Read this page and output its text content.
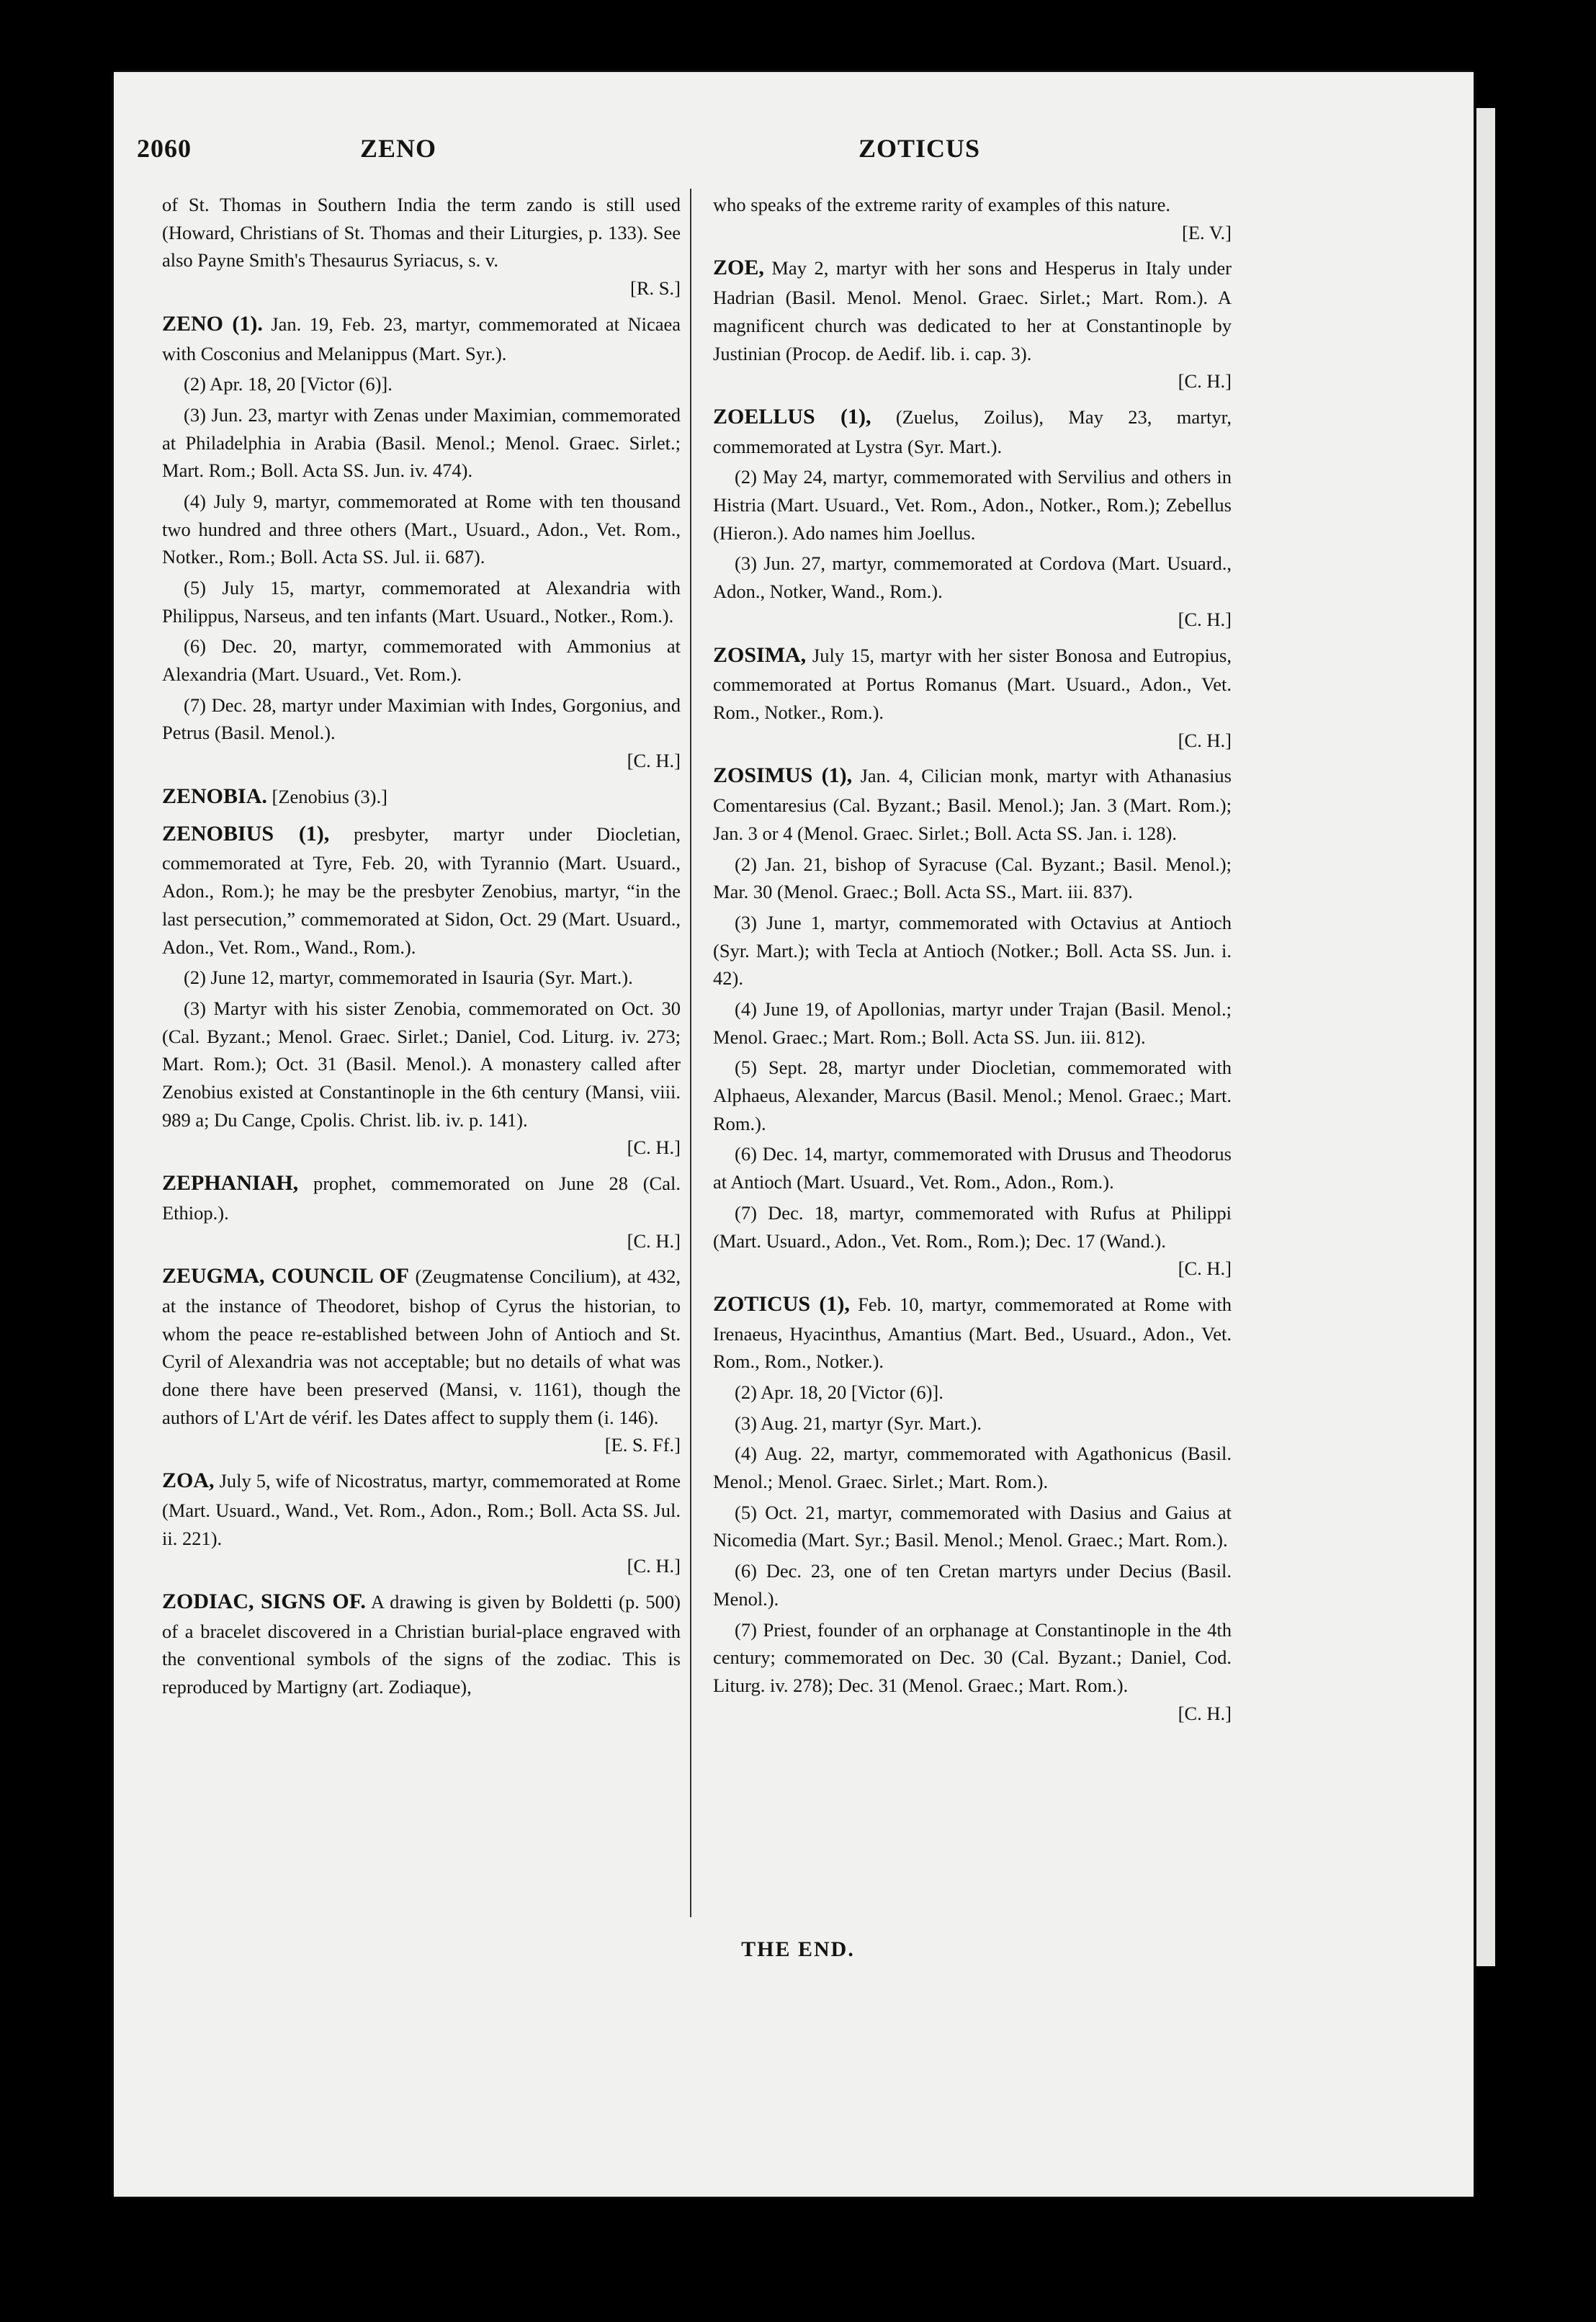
2060	ZENO	ZOTICUS

of St. Thomas in Southern India the term zando is still used (Howard, Christians of St. Thomas and their Liturgies, p. 133). See also Payne Smith's Thesaurus Syriacus, s. v.
[R. S.]

ZENO (1). Jan. 19, Feb. 23, martyr, commemorated at Nicaea with Cosconius and Melanippus (Mart. Syr.).

(2) Apr. 18, 20 [Victor (6)].

(3) Jun. 23, martyr with Zenas under Maximian, commemorated at Philadelphia in Arabia (Basil. Menol.; Menol. Graec. Sirlet.; Mart. Rom.; Boll. Acta SS. Jun. iv. 474).

(4) July 9, martyr, commemorated at Rome with ten thousand two hundred and three others (Mart., Usuard., Adon., Vet. Rom., Notker., Rom.; Boll. Acta SS. Jul. ii. 687).

(5) July 15, martyr, commemorated at Alexandria with Philippus, Narseus, and ten infants (Mart. Usuard., Notker., Rom.).

(6) Dec. 20, martyr, commemorated with Ammonius at Alexandria (Mart. Usuard., Vet. Rom.).

(7) Dec. 28, martyr under Maximian with Indes, Gorgonius, and Petrus (Basil. Menol.).
[C. H.]

ZENOBIA. [Zenobius (3).]

ZENOBIUS (1), presbyter, martyr under Diocletian, commemorated at Tyre, Feb. 20, with Tyrannio (Mart. Usuard., Adon., Rom.); he may be the presbyter Zenobius, martyr, “in the last persecution,” commemorated at Sidon, Oct. 29 (Mart. Usuard., Adon., Vet. Rom., Wand., Rom.).

(2) June 12, martyr, commemorated in Isauria (Syr. Mart.).

(3) Martyr with his sister Zenobia, commemorated on Oct. 30 (Cal. Byzant.; Menol. Graec. Sirlet.; Daniel, Cod. Liturg. iv. 273; Mart. Rom.); Oct. 31 (Basil. Menol.). A monastery called after Zenobius existed at Constantinople in the 6th century (Mansi, viii. 989 a; Du Cange, Cpolis. Christ. lib. iv. p. 141).
[C. H.]

ZEPHANIAH, prophet, commemorated on June 28 (Cal. Ethiop.).
[C. H.]

ZEUGMA, COUNCIL OF (Zeugmatense Concilium), at 432, at the instance of Theodoret, bishop of Cyrus the historian, to whom the peace re-established between John of Antioch and St. Cyril of Alexandria was not acceptable; but no details of what was done there have been preserved (Mansi, v. 1161), though the authors of L'Art de vérif. les Dates affect to supply them (i. 146).
[E. S. Ff.]

ZOA, July 5, wife of Nicostratus, martyr, commemorated at Rome (Mart. Usuard., Wand., Vet. Rom., Adon., Rom.; Boll. Acta SS. Jul. ii. 221).
[C. H.]

ZODIAC, SIGNS OF. A drawing is given by Boldetti (p. 500) of a bracelet discovered in a Christian burial-place engraved with the conventional symbols of the signs of the zodiac. This is reproduced by Martigny (art. Zodiaque),

who speaks of the extreme rarity of examples of this nature.
[E. V.]

ZOE, May 2, martyr with her sons and Hesperus in Italy under Hadrian (Basil. Menol. Menol. Graec. Sirlet.; Mart. Rom.). A magnificent church was dedicated to her at Constantinople by Justinian (Procop. de Aedif. lib. i. cap. 3).
[C. H.]

ZOELLUS (1), (Zuelus, Zoilus), May 23, martyr, commemorated at Lystra (Syr. Mart.).

(2) May 24, martyr, commemorated with Servilius and others in Histria (Mart. Usuard., Vet. Rom., Adon., Notker., Rom.); Zebellus (Hieron.). Ado names him Joellus.

(3) Jun. 27, martyr, commemorated at Cordova (Mart. Usuard., Adon., Notker, Wand., Rom.).
[C. H.]

ZOSIMA, July 15, martyr with her sister Bonosa and Eutropius, commemorated at Portus Romanus (Mart. Usuard., Adon., Vet. Rom., Notker., Rom.).
[C. H.]

ZOSIMUS (1), Jan. 4, Cilician monk, martyr with Athanasius Comentaresius (Cal. Byzant.; Basil. Menol.); Jan. 3 (Mart. Rom.); Jan. 3 or 4 (Menol. Graec. Sirlet.; Boll. Acta SS. Jan. i. 128).

(2) Jan. 21, bishop of Syracuse (Cal. Byzant.; Basil. Menol.); Mar. 30 (Menol. Graec.; Boll. Acta SS., Mart. iii. 837).

(3) June 1, martyr, commemorated with Octavius at Antioch (Syr. Mart.); with Tecla at Antioch (Notker.; Boll. Acta SS. Jun. i. 42).

(4) June 19, of Apollonias, martyr under Trajan (Basil. Menol.; Menol. Graec.; Mart. Rom.; Boll. Acta SS. Jun. iii. 812).

(5) Sept. 28, martyr under Diocletian, commemorated with Alphaeus, Alexander, Marcus (Basil. Menol.; Menol. Graec.; Mart. Rom.).

(6) Dec. 14, martyr, commemorated with Drusus and Theodorus at Antioch (Mart. Usuard., Vet. Rom., Adon., Rom.).

(7) Dec. 18, martyr, commemorated with Rufus at Philippi (Mart. Usuard., Adon., Vet. Rom., Rom.); Dec. 17 (Wand.).
[C. H.]

ZOTICUS (1), Feb. 10, martyr, commemorated at Rome with Irenaeus, Hyacinthus, Amantius (Mart. Bed., Usuard., Adon., Vet. Rom., Rom., Notker.).

(2) Apr. 18, 20 [Victor (6)].

(3) Aug. 21, martyr (Syr. Mart.).

(4) Aug. 22, martyr, commemorated with Agathonicus (Basil. Menol.; Menol. Graec. Sirlet.; Mart. Rom.).

(5) Oct. 21, martyr, commemorated with Dasius and Gaius at Nicomedia (Mart. Syr.; Basil. Menol.; Menol. Graec.; Mart. Rom.).

(6) Dec. 23, one of ten Cretan martyrs under Decius (Basil. Menol.).

(7) Priest, founder of an orphanage at Constantinople in the 4th century; commemorated on Dec. 30 (Cal. Byzant.; Daniel, Cod. Liturg. iv. 278); Dec. 31 (Menol. Graec.; Mart. Rom.).
[C. H.]

THE END.
